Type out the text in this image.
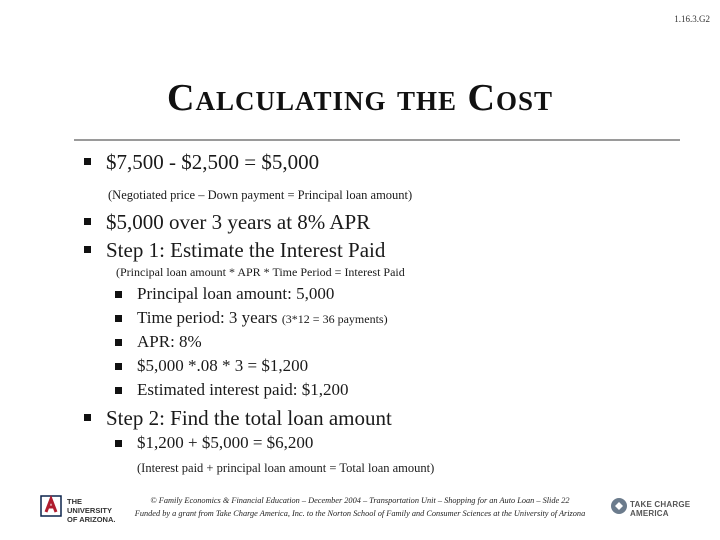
1.16.3.G2
Calculating the Cost
$7,500 - $2,500 = $5,000
(Negotiated price – Down payment = Principal loan amount)
$5,000 over 3 years at 8% APR
Step 1: Estimate the Interest Paid
(Principal loan amount * APR * Time Period = Interest Paid
Principal loan amount: 5,000
Time period: 3 years (3*12 = 36 payments)
APR: 8%
$5,000 *.08 * 3 = $1,200
Estimated interest paid: $1,200
Step 2: Find the total loan amount
$1,200 + $5,000 = $6,200
(Interest paid + principal loan amount = Total loan amount)
THE UNIVERSITY
OF ARIZONA.
© Family Economics & Financial Education – December 2004 – Transportation Unit – Shopping for an Auto Loan – Slide 22
Funded by a grant from Take Charge America, Inc. to the Norton School of Family and Consumer Sciences at the University of Arizona
TAKE CHARGE AMERICA
